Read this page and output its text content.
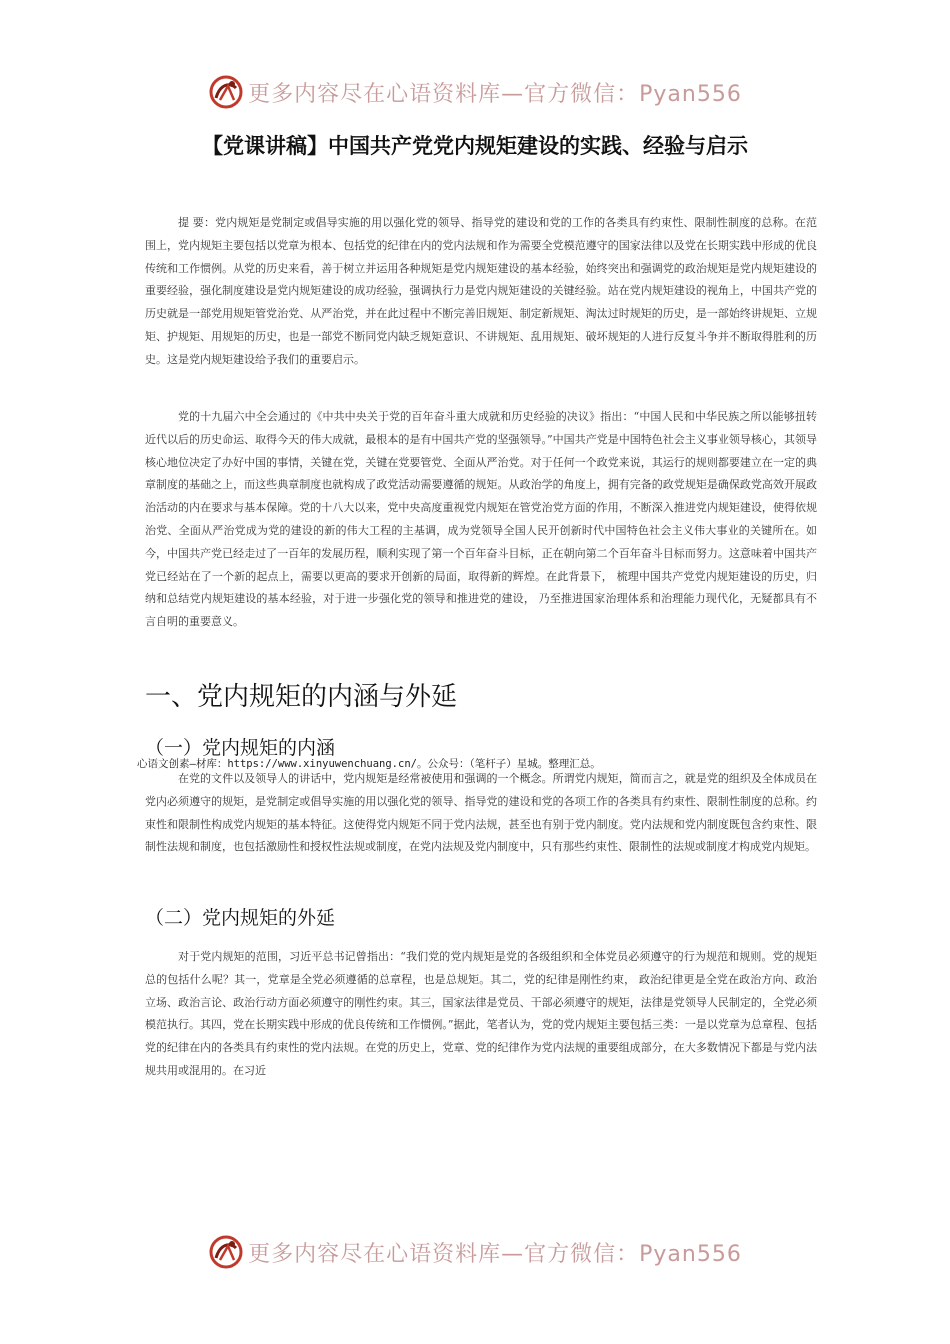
更多内容尽在心语资料库—官方微信：Pyan556
【党课讲稿】中国共产党党内规矩建设的实践、经验与启示

提 要：党内规矩是党制定或倡导实施的用以强化党的领导、指导党的建设和党的工作的各类具有约束性、限制性制度的总称。在范围上，党内规矩主要包括以党章为根本、包括党的纪律在内的党内法规和作为需要全党模范遵守的国家法律以及党在长期实践中形成的优良传统和工作惯例。从党的历史来看，善于树立并运用各种规矩是党内规矩建设的基本经验，始终突出和强调党的政治规矩是党内规矩建设的重要经验，强化制度建设是党内规矩建设的成功经验，强调执行力是党内规矩建设的关键经验。站在党内规矩建设的视角上，中国共产党的历史就是一部党用规矩管党治党、从严治党，并在此过程中不断完善旧规矩、制定新规矩、淘汰过时规矩的历史，是一部始终讲规矩、立规矩、护规矩、用规矩的历史，也是一部党不断同党内缺乏规矩意识、不讲规矩、乱用规矩、破坏规矩的人进行反复斗争并不断取得胜利的历史。这是党内规矩建设给予我们的重要启示。

党的十九届六中全会通过的《中共中央关于党的百年奋斗重大成就和历史经验的决议》指出：“中国人民和中华民族之所以能够扭转近代以后的历史命运、取得今天的伟大成就，最根本的是有中国共产党的坚强领导。”中国共产党是中国特色社会主义事业领导核心，其领导核心地位决定了办好中国的事情，关键在党，关键在党要管党、全面从严治党。对于任何一个政党来说，其运行的规则都要建立在一定的典章制度的基础之上，而这些典章制度也就构成了政党活动需要遵循的规矩。从政治学的角度上，拥有完备的政党规矩是确保政党高效开展政治活动的内在要求与基本保障。党的十八大以来，党中央高度重视党内规矩在管党治党方面的作用，不断深入推进党内规矩建设，使得依规治党、全面从严治党成为党的建设的新的伟大工程的主基调，成为党领导全国人民开创新时代中国特色社会主义伟大事业的关键所在。如今，中国共产党已经走过了一百年的发展历程，顺利实现了第一个百年奋斗目标，正在朝向第二个百年奋斗目标而努力。这意味着中国共产党已经站在了一个新的起点上，需要以更高的要求开创新的局面，取得新的辉煌。在此背景下， 梳理中国共产党党内规矩建设的历史，归纳和总结党内规矩建设的基本经验，对于进一步强化党的领导和推进党的建设， 乃至推进国家治理体系和治理能力现代化，无疑都具有不言自明的重要意义。

一、党内规矩的内涵与外延
（一）党内规矩的内涵

心语文创素—材库：https://www.xinyuwenchuang.cn/。公众号：（笔杆子）星城。整理汇总。

在党的文件以及领导人的讲话中，党内规矩是经常被使用和强调的一个概念。所谓党内规矩，简而言之，就是党的组织及全体成员在党内必须遵守的规矩，是党制定或倡导实施的用以强化党的领导、指导党的建设和党的各项工作的各类具有约束性、限制性制度的总称。约束性和限制性构成党内规矩的基本特征。这使得党内规矩不同于党内法规，甚至也有别于党内制度。党内法规和党内制度既包含约束性、限制性法规和制度，也包括激励性和授权性法规或制度，在党内法规及党内制度中，只有那些约束性、限制性的法规或制度才构成党内规矩。

（二）党内规矩的外延

对于党内规矩的范围，习近平总书记曾指出：“我们党的党内规矩是党的各级组织和全体党员必须遵守的行为规范和规则。党的规矩总的包括什么呢？其一，党章是全党必须遵循的总章程，也是总规矩。其二，党的纪律是刚性约束， 政治纪律更是全党在政治方向、政治立场、政治言论、政治行动方面必须遵守的刚性约束。其三，国家法律是党员、干部必须遵守的规矩，法律是党领导人民制定的，全党必须模范执行。其四，党在长期实践中形成的优良传统和工作惯例。”据此，笔者认为，党的党内规矩主要包括三类：一是以党章为总章程、包括党的纪律在内的各类具有约束性的党内法规。在党的历史上，党章、党的纪律作为党内法规的重要组成部分，在大多数情况下都是与党内法规共用或混用的。在习近

更多内容尽在心语资料库—官方微信：Pyan556
